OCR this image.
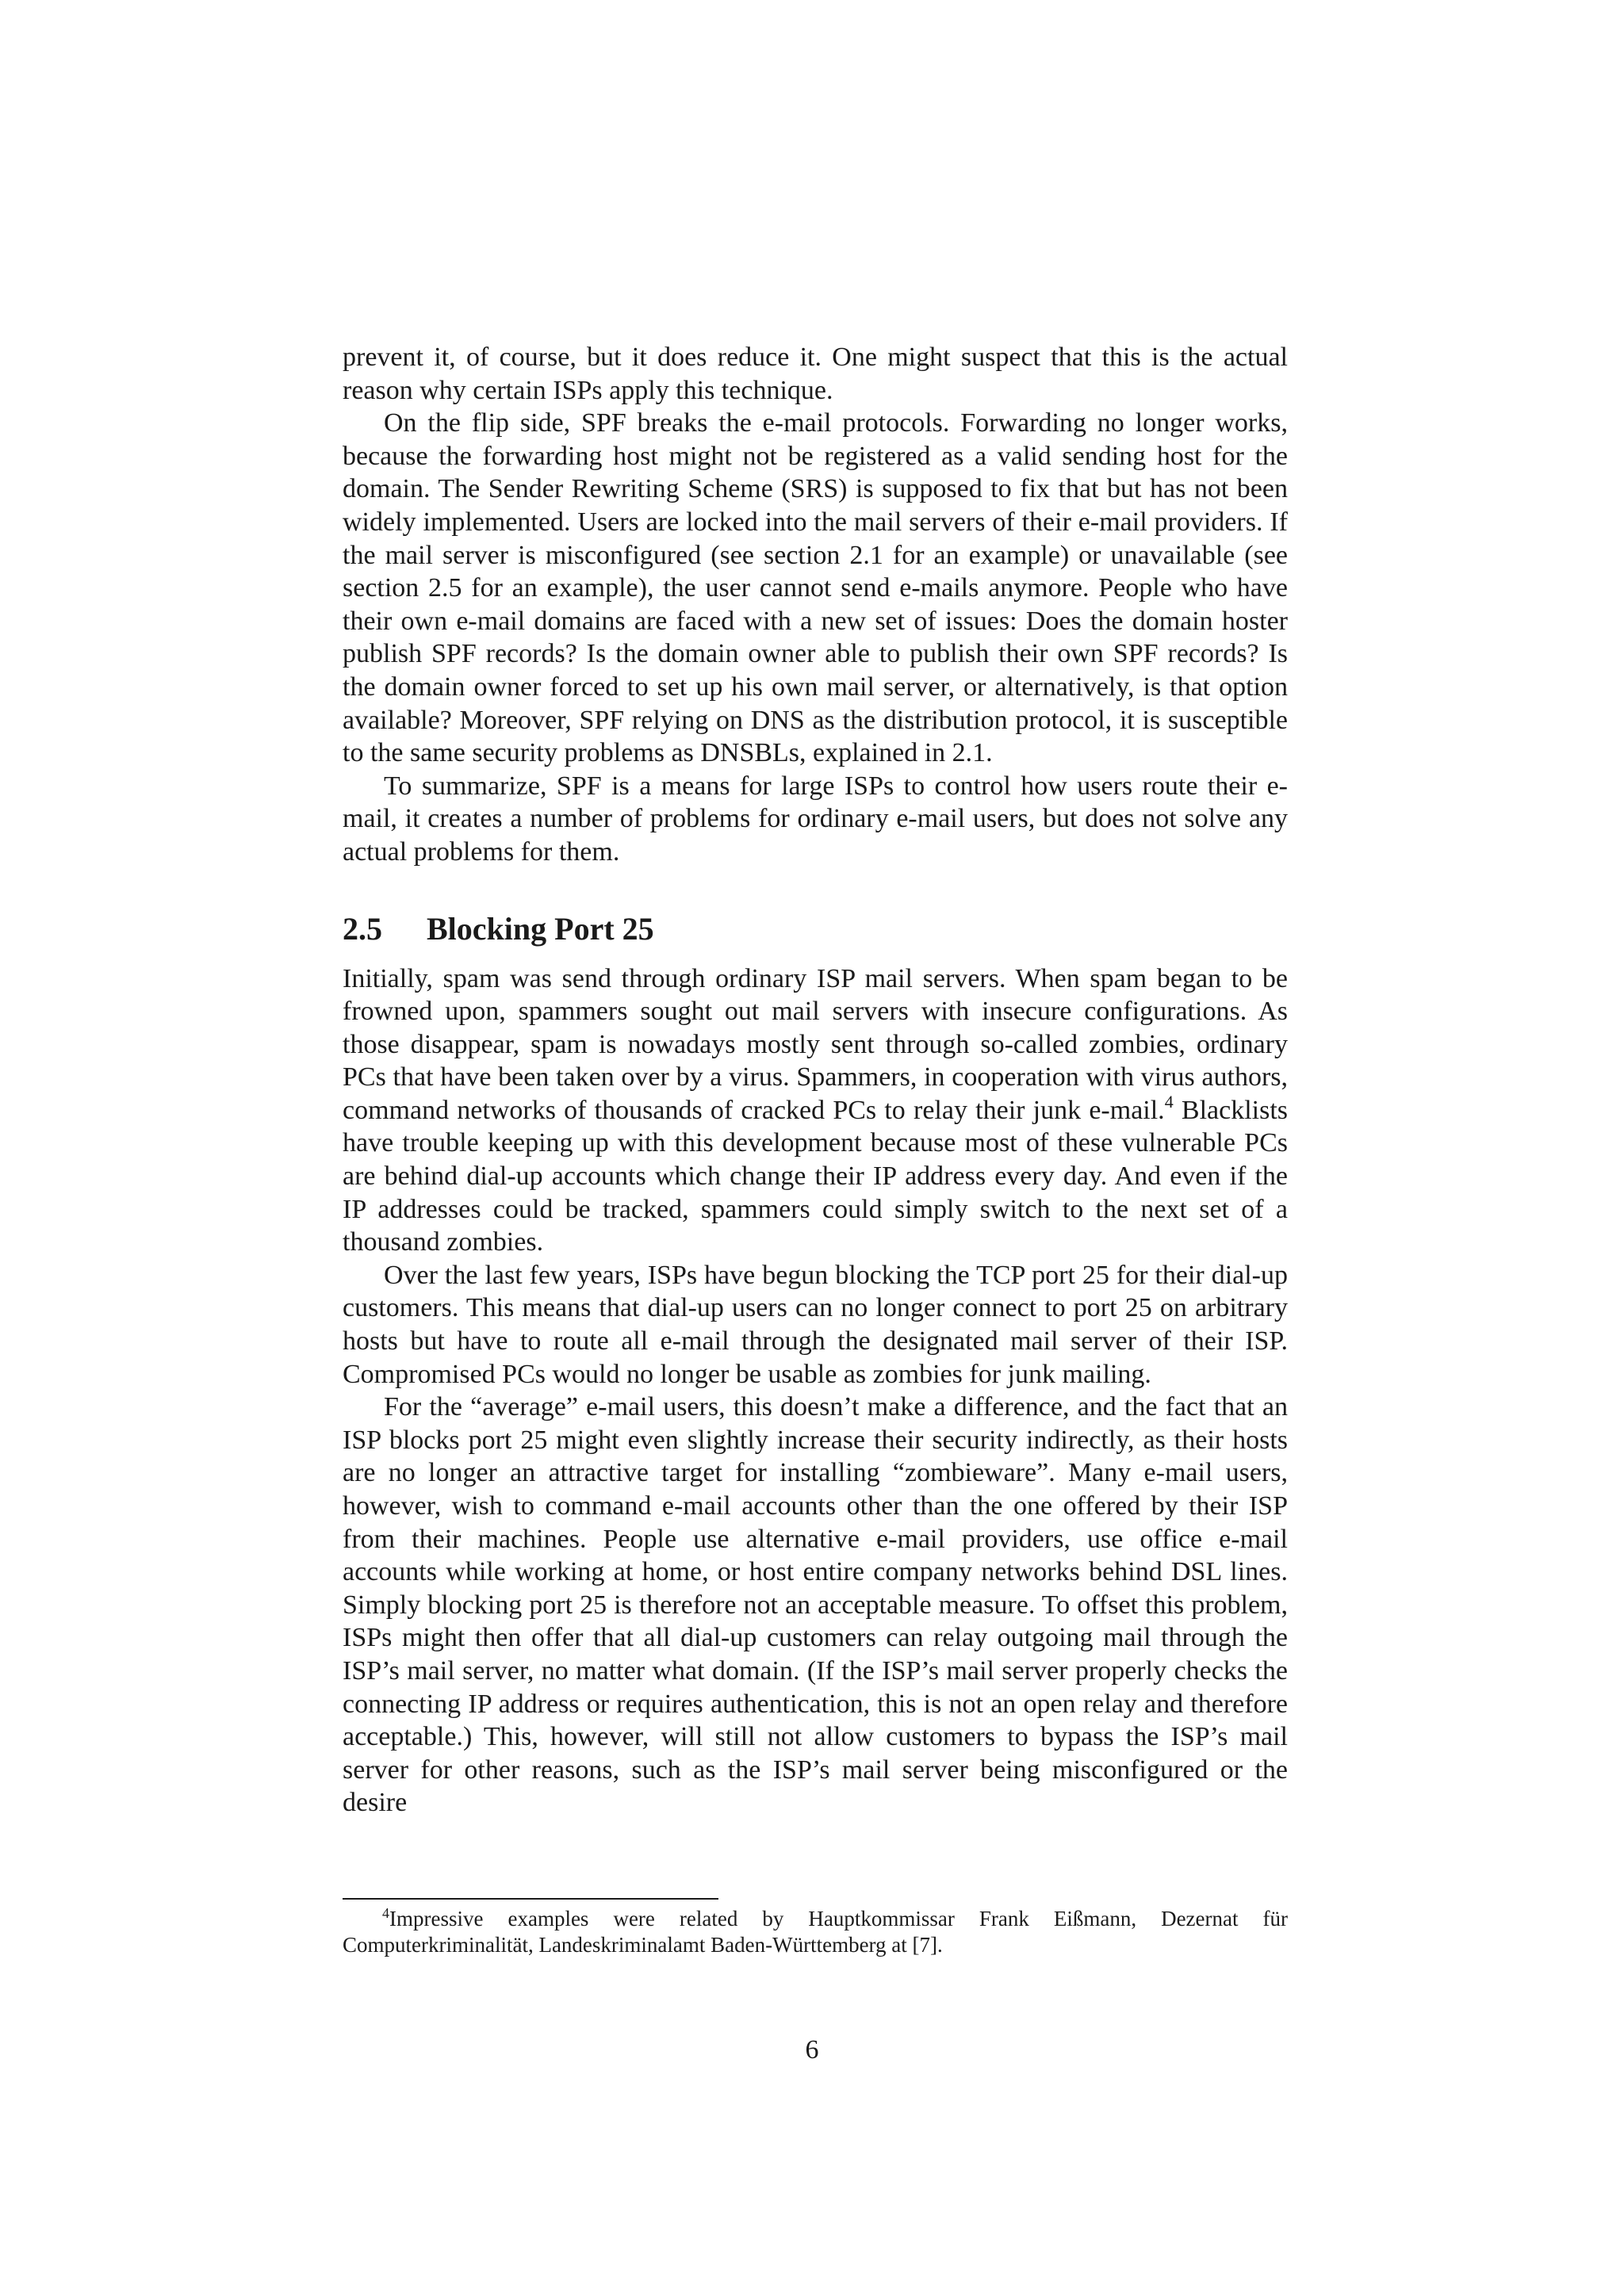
prevent it, of course, but it does reduce it. One might suspect that this is the actual reason why certain ISPs apply this technique.

On the flip side, SPF breaks the e-mail protocols. Forwarding no longer works, because the forwarding host might not be registered as a valid sending host for the domain. The Sender Rewriting Scheme (SRS) is supposed to fix that but has not been widely implemented. Users are locked into the mail servers of their e-mail providers. If the mail server is misconfigured (see section 2.1 for an example) or unavailable (see section 2.5 for an example), the user cannot send e-mails anymore. People who have their own e-mail domains are faced with a new set of issues: Does the domain hoster publish SPF records? Is the domain owner able to publish their own SPF records? Is the domain owner forced to set up his own mail server, or alternatively, is that option available? Moreover, SPF relying on DNS as the distribution protocol, it is susceptible to the same security problems as DNSBLs, explained in 2.1.

To summarize, SPF is a means for large ISPs to control how users route their e-mail, it creates a number of problems for ordinary e-mail users, but does not solve any actual problems for them.

2.5 Blocking Port 25

Initially, spam was send through ordinary ISP mail servers. When spam began to be frowned upon, spammers sought out mail servers with insecure configurations. As those disappear, spam is nowadays mostly sent through so-called zombies, ordinary PCs that have been taken over by a virus. Spammers, in cooperation with virus authors, command networks of thousands of cracked PCs to relay their junk e-mail.$^4$ Blacklists have trouble keeping up with this development because most of these vulnerable PCs are behind dial-up accounts which change their IP address every day. And even if the IP addresses could be tracked, spammers could simply switch to the next set of a thousand zombies.

Over the last few years, ISPs have begun blocking the TCP port 25 for their dial-up customers. This means that dial-up users can no longer connect to port 25 on arbitrary hosts but have to route all e-mail through the designated mail server of their ISP. Compromised PCs would no longer be usable as zombies for junk mailing.

For the “average” e-mail users, this doesn’t make a difference, and the fact that an ISP blocks port 25 might even slightly increase their security indirectly, as their hosts are no longer an attractive target for installing “zombieware”. Many e-mail users, however, wish to command e-mail accounts other than the one offered by their ISP from their machines. People use alternative e-mail providers, use office e-mail accounts while working at home, or host entire company networks behind DSL lines. Simply blocking port 25 is therefore not an acceptable measure. To offset this problem, ISPs might then offer that all dial-up customers can relay outgoing mail through the ISP’s mail server, no matter what domain. (If the ISP’s mail server properly checks the connecting IP address or requires authentication, this is not an open relay and therefore acceptable.) This, however, will still not allow customers to bypass the ISP’s mail server for other reasons, such as the ISP’s mail server being misconfigured or the desire

$^4$Impressive examples were related by Hauptkommissar Frank Eißmann, Dezernat für Computerkriminalität, Landeskriminalamt Baden-Württemberg at [7].
6
